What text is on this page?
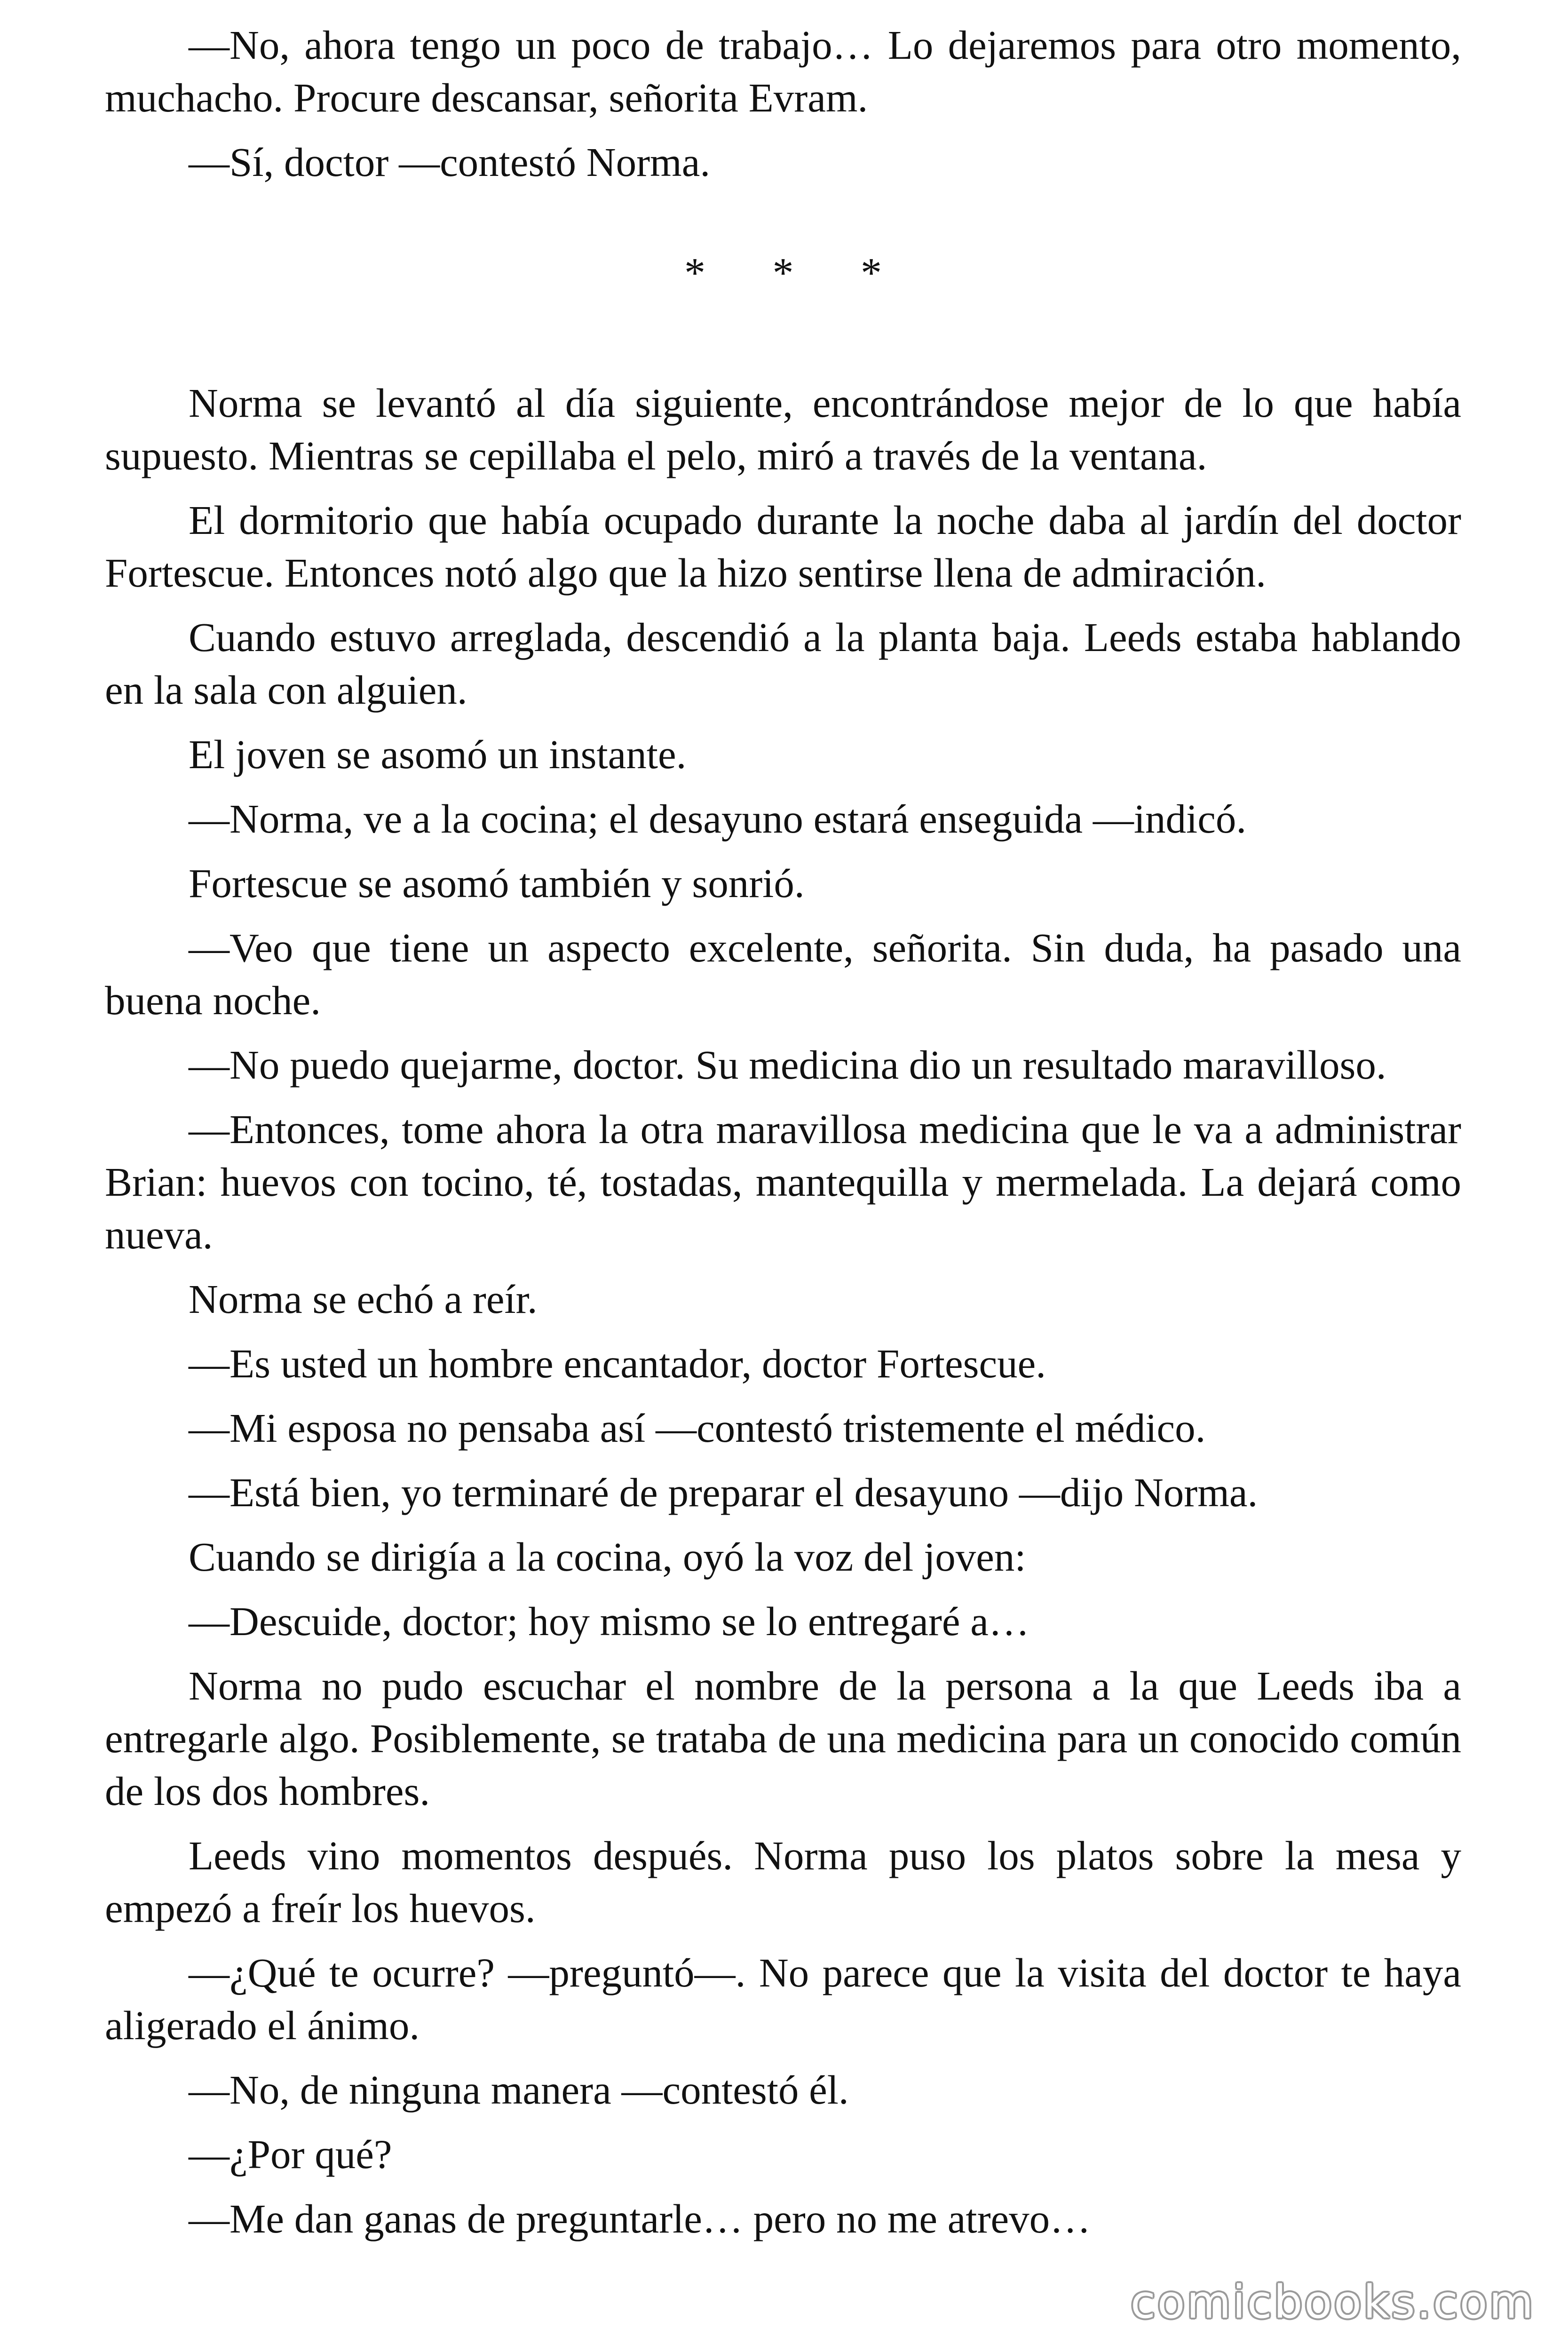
—No, ahora tengo un poco de trabajo… Lo dejaremos para otro momento, muchacho. Procure descansar, señorita Evram.

—Sí, doctor —contestó Norma.

* * *

Norma se levantó al día siguiente, encontrándose mejor de lo que había supuesto. Mientras se cepillaba el pelo, miró a través de la ventana.

El dormitorio que había ocupado durante la noche daba al jardín del doctor Fortescue. Entonces notó algo que la hizo sentirse llena de admiración.

Cuando estuvo arreglada, descendió a la planta baja. Leeds estaba hablando en la sala con alguien.

El joven se asomó un instante.

—Norma, ve a la cocina; el desayuno estará enseguida —indicó.

Fortescue se asomó también y sonrió.

—Veo que tiene un aspecto excelente, señorita. Sin duda, ha pasado una buena noche.

—No puedo quejarme, doctor. Su medicina dio un resultado maravilloso.

—Entonces, tome ahora la otra maravillosa medicina que le va a administrar Brian: huevos con tocino, té, tostadas, mantequilla y mermelada. La dejará como nueva.

Norma se echó a reír.

—Es usted un hombre encantador, doctor Fortescue.

—Mi esposa no pensaba así —contestó tristemente el médico.

—Está bien, yo terminaré de preparar el desayuno —dijo Norma.

Cuando se dirigía a la cocina, oyó la voz del joven:

—Descuide, doctor; hoy mismo se lo entregaré a…

Norma no pudo escuchar el nombre de la persona a la que Leeds iba a entregarle algo. Posiblemente, se trataba de una medicina para un conocido común de los dos hombres.

Leeds vino momentos después. Norma puso los platos sobre la mesa y empezó a freír los huevos.

—¿Qué te ocurre? —preguntó—. No parece que la visita del doctor te haya aligerado el ánimo.

—No, de ninguna manera —contestó él.

—¿Por qué?

—Me dan ganas de preguntarle… pero no me atrevo…

comicbooks.com
